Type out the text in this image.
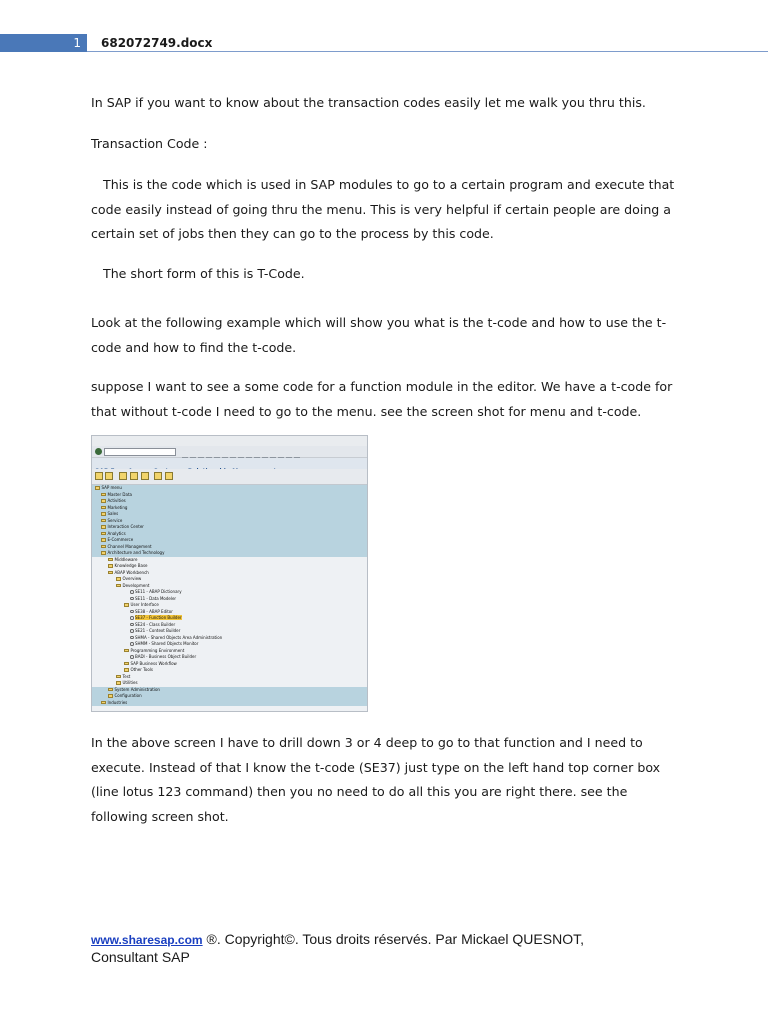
1	682072749.docx

In SAP if you want to know about the transaction codes easily let me walk you thru this.

Transaction Code :

This is the code which is used in SAP modules to go to a certain program and execute that
code easily instead of going thru the menu. This is very helpful if certain people are doing a
certain set of jobs then they can go to the process by this code.

The short form of this is T-Code.

Look at the following example which will show you what is the t-code and how to use the t-
code and how to find the t-code.
suppose I want to see a some code for a function module in the editor. We have a t-code for
that without t-code I need to go to the menu. see the screen shot for menu and t-code.

SAP menu
Master Data
Activities
Marketing
Sales
Service
Interaction Center
Analytics
E-Commerce
Channel Management
Architecture and Technology
Middleware
Knowledge Base
ABAP Workbench
Overview
Development
SE11 - ABAP Dictionary
SE11 - Data Modeler
User Interface
SE38 - ABAP Editor
SE37 - Function Builder
SE24 - Class Builder
SE21 - Context Builder
SHMA - Shared Objects Area Administration
SHMM - Shared Objects Monitor
Programming Environment
BADI - Business Object Builder
SAP Business Workflow
Other Tools
Test
Utilities
System Administration
Configuration
Industries
In the above screen I have to drill down 3 or 4 deep to go to that function and I need to
execute. Instead of that I know the t-code (SE37) just type on the left hand top corner box
(line lotus 123 command) then you no need to do all this you are right there. see the
following screen shot.
www.sharesap.com ®. Copyright©. Tous droits réservés. Par Mickael QUESNOT,
Consultant SAP
